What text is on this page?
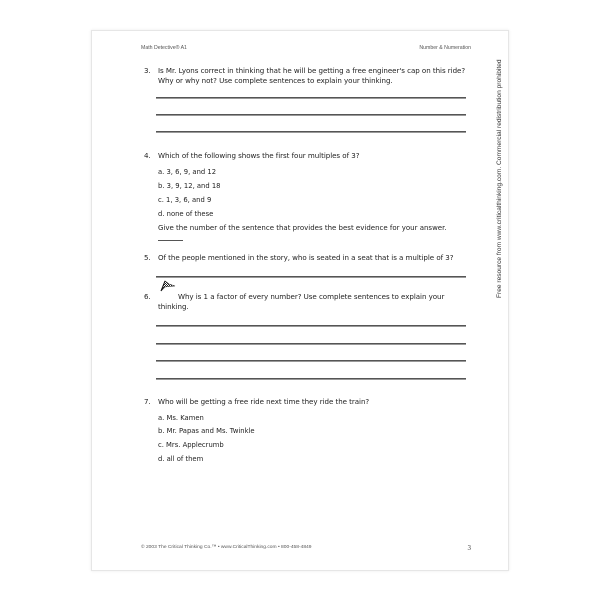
Math Detective® A1	Number & Numeration
3. Is Mr. Lyons correct in thinking that he will be getting a free engineer's cap on this ride? Why or why not? Use complete sentences to explain your thinking.
4. Which of the following shows the first four multiples of 3?
a. 3, 6, 9, and 12
b. 3, 9, 12, and 18
c. 1, 3, 6, and 9
d. none of these
Give the number of the sentence that provides the best evidence for your answer.
5. Of the people mentioned in the story, who is seated in a seat that is a multiple of 3?
6.	Why is 1 a factor of every number? Use complete sentences to explain your thinking.
7. Who will be getting a free ride next time they ride the train?
a. Ms. Kamen
b. Mr. Papas and Ms. Twinkle
c. Mrs. Applecrumb
d. all of them
Free resource from www.criticalthinking.com. Commercial redistribution prohibited
© 2003 The Critical Thinking Co.™ • www.CriticalThinking.com • 800-458-4849	3
